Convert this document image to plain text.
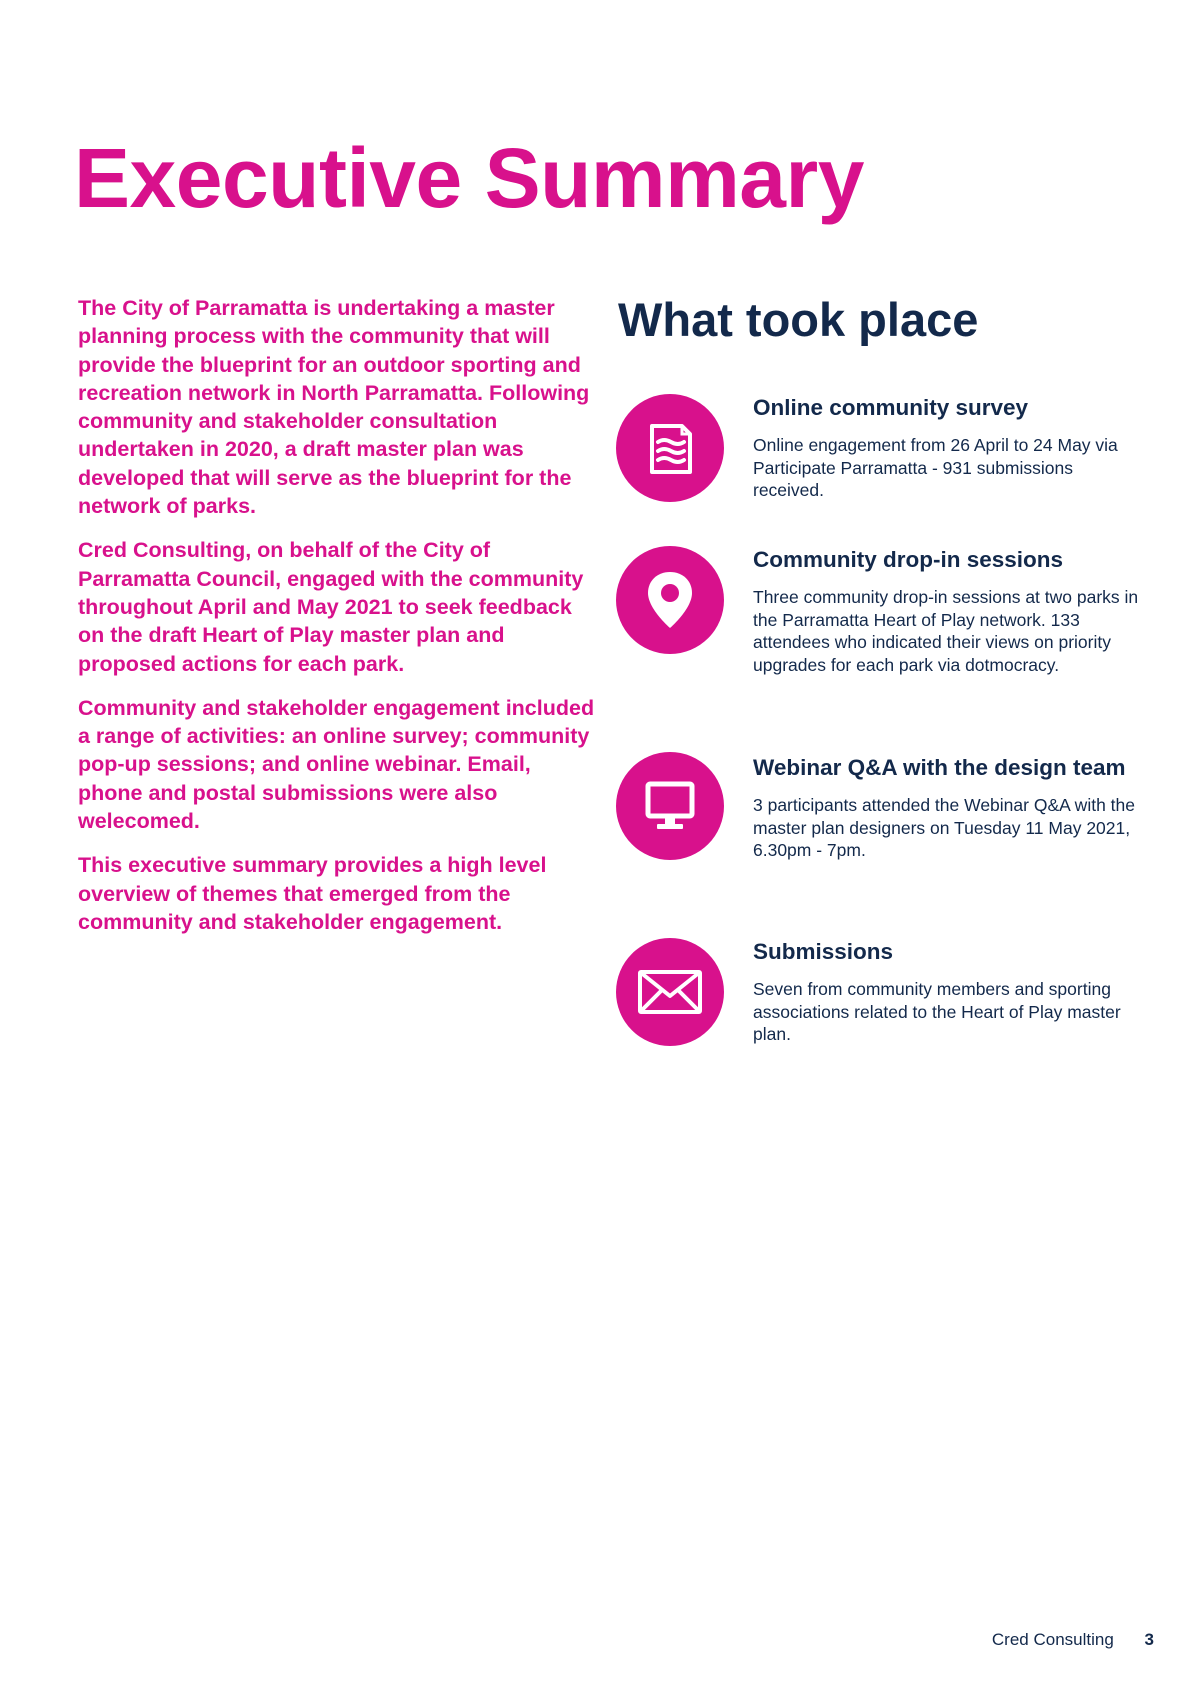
Executive Summary

The City of Parramatta is undertaking a master planning process with the community that will provide the blueprint for an outdoor sporting and recreation network in North Parramatta. Following community and stakeholder consultation undertaken in 2020, a draft master plan was developed that will serve as the blueprint for the network of parks.

Cred Consulting, on behalf of the City of Parramatta Council, engaged with the community throughout April and May 2021 to seek feedback on the draft Heart of Play master plan and proposed actions for each park.

Community and stakeholder engagement included a range of activities: an online survey; community pop-up sessions; and online webinar. Email, phone and postal submissions were also welecomed.

This executive summary provides a high level overview of themes that emerged from the community and stakeholder engagement.

What took place
Online community survey

Online engagement from 26 April to 24 May via Participate Parramatta - 931 submissions received.

Community drop-in sessions

Three community drop-in sessions at two parks in the Parramatta Heart of Play network. 133 attendees who indicated their views on priority upgrades for each park via dotmocracy.

Webinar Q&A with the design team

3 participants attended the Webinar Q&A with the master plan designers on Tuesday 11 May 2021, 6.30pm - 7pm.

Submissions

Seven from community members and sporting associations related to the Heart of Play master plan.

Cred Consulting 3
